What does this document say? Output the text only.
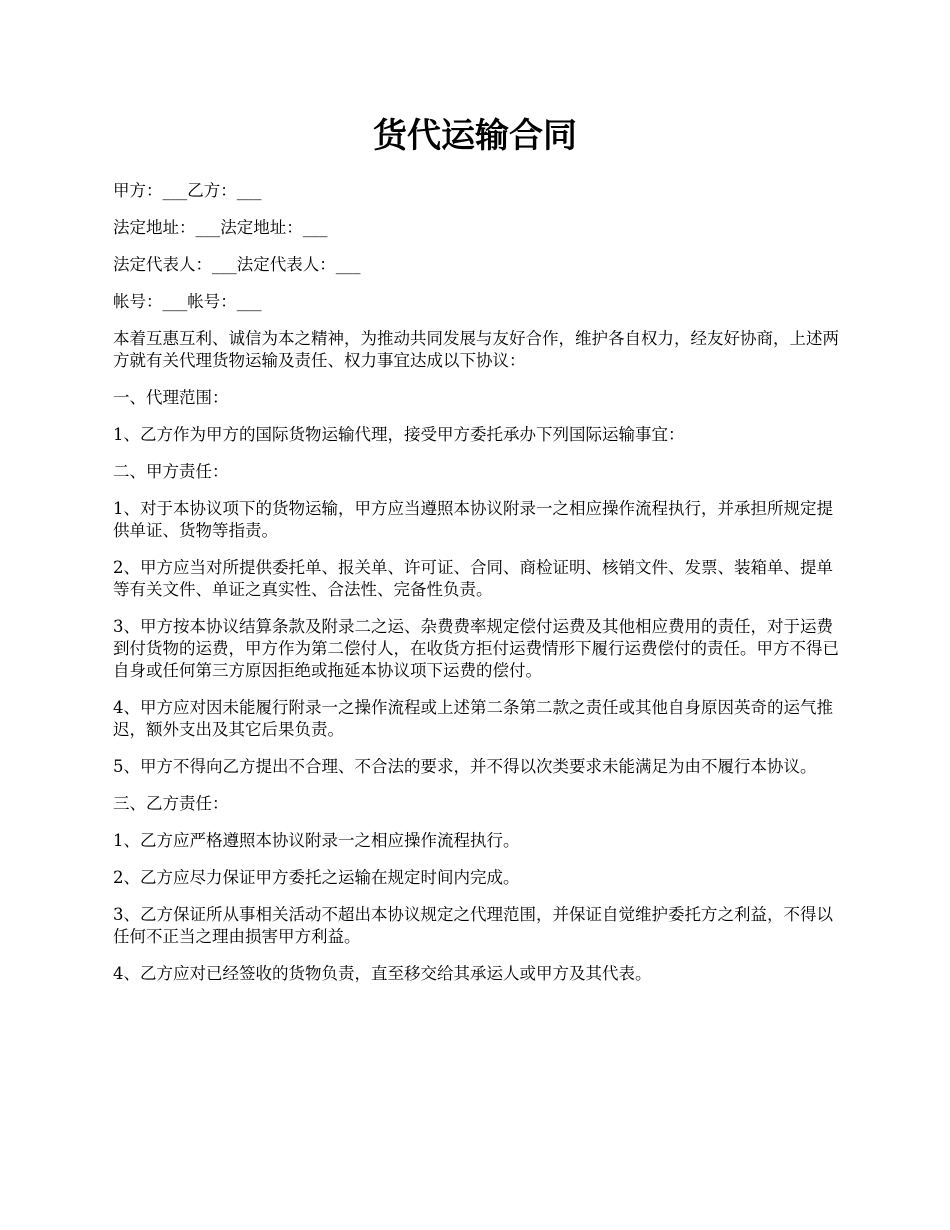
货代运输合同

甲方：___乙方：___

法定地址：___法定地址：___

法定代表人：___法定代表人：___

帐号：___帐号：___

本着互惠互利、诚信为本之精神，为推动共同发展与友好合作，维护各自权力，经友好协商，上述两方就有关代理货物运输及责任、权力事宜达成以下协议：

一、代理范围：

1、乙方作为甲方的国际货物运输代理，接受甲方委托承办下列国际运输事宜：

二、甲方责任：

1、对于本协议项下的货物运输，甲方应当遵照本协议附录一之相应操作流程执行，并承担所规定提供单证、货物等指责。

2、甲方应当对所提供委托单、报关单、许可证、合同、商检证明、核销文件、发票、装箱单、提单等有关文件、单证之真实性、合法性、完备性负责。

3、甲方按本协议结算条款及附录二之运、杂费费率规定偿付运费及其他相应费用的责任，对于运费到付货物的运费，甲方作为第二偿付人，在收货方拒付运费情形下履行运费偿付的责任。甲方不得已自身或任何第三方原因拒绝或拖延本协议项下运费的偿付。

4、甲方应对因未能履行附录一之操作流程或上述第二条第二款之责任或其他自身原因英奇的运气推迟，额外支出及其它后果负责。

5、甲方不得向乙方提出不合理、不合法的要求，并不得以次类要求未能满足为由不履行本协议。

三、乙方责任：

1、乙方应严格遵照本协议附录一之相应操作流程执行。

2、乙方应尽力保证甲方委托之运输在规定时间内完成。

3、乙方保证所从事相关活动不超出本协议规定之代理范围，并保证自觉维护委托方之利益，不得以任何不正当之理由损害甲方利益。

4、乙方应对已经签收的货物负责，直至移交给其承运人或甲方及其代表。
